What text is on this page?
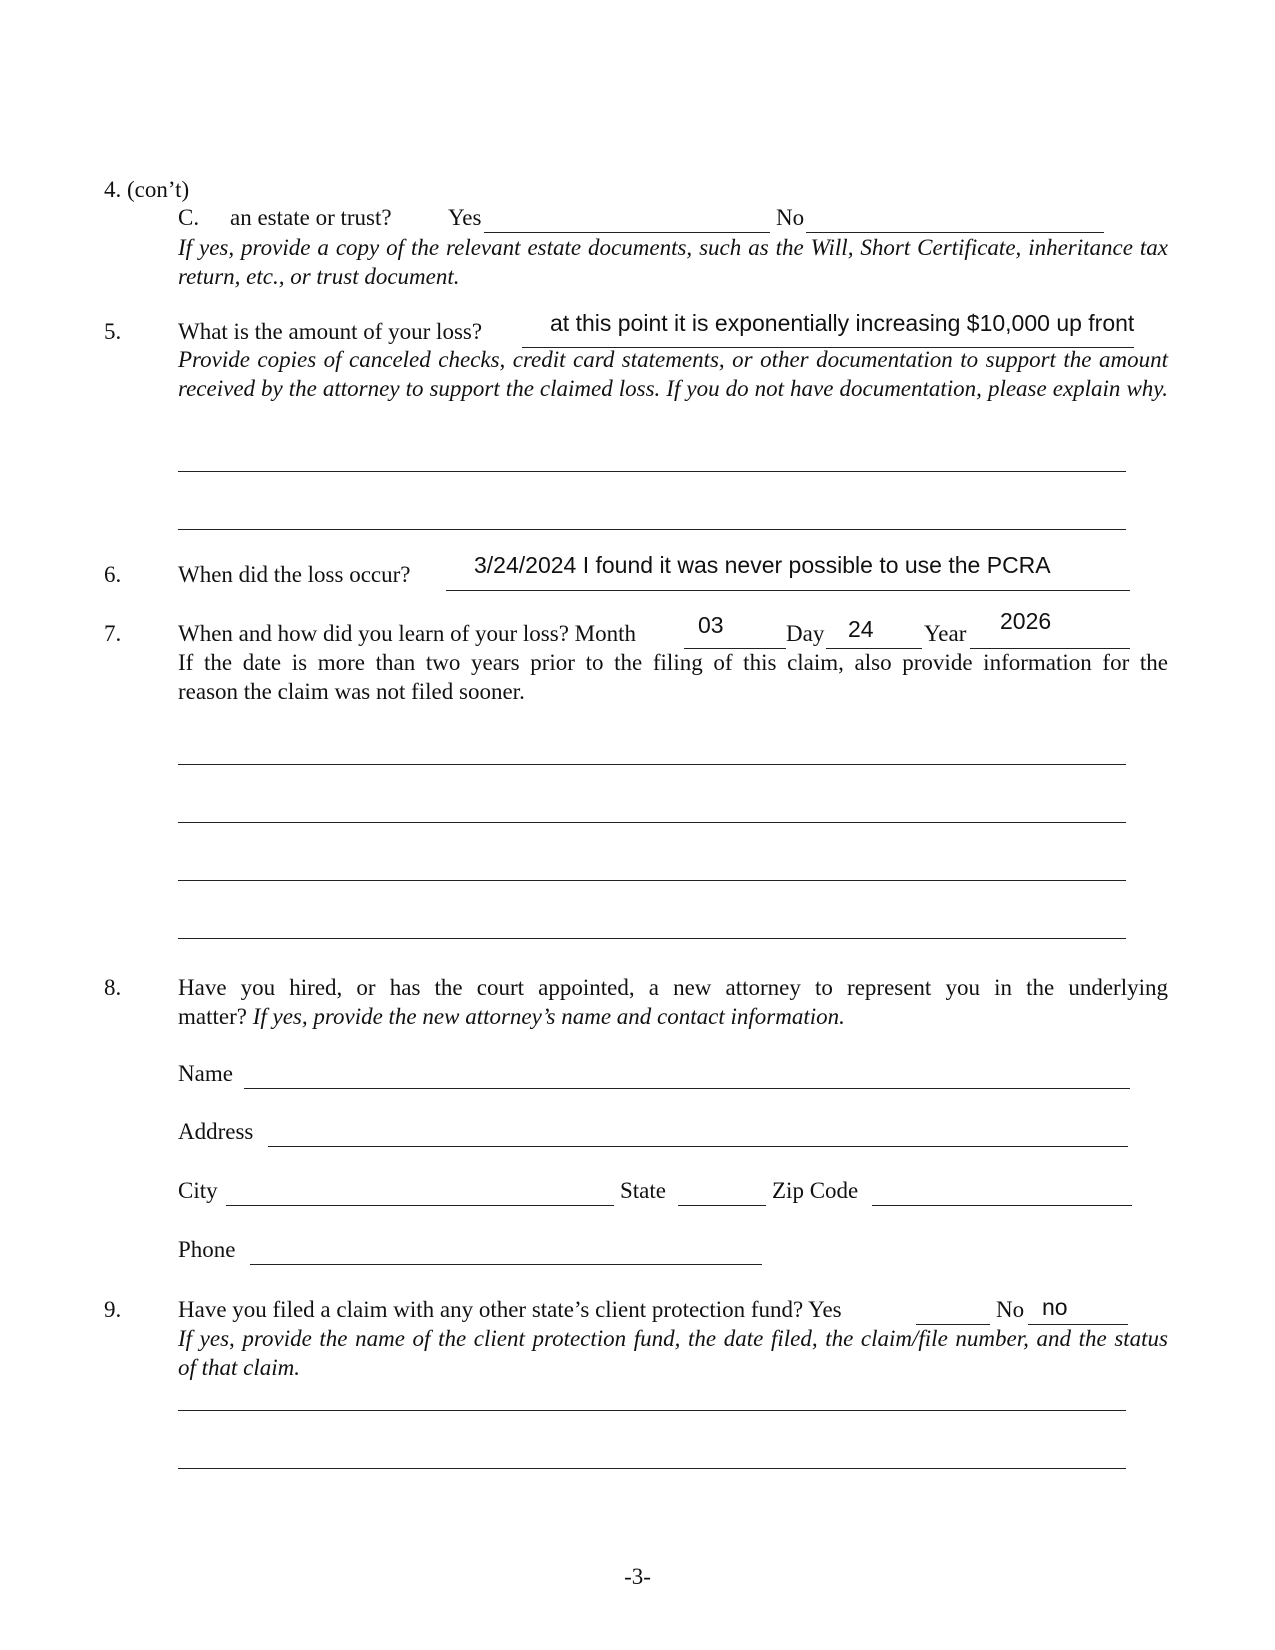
4. (con’t)
C. an estate or trust? Yes	No
If yes, provide a copy of the relevant estate documents, such as the Will, Short Certificate, inheritance tax
return, etc., or trust document.
5. What is the amount of your loss?	at this point it is exponentially increasing $10,000 up front
Provide copies of canceled checks, credit card statements, or other documentation to support the amount
received by the attorney to support the claimed loss. If you do not have documentation, please explain why.
6. When did the loss occur?	3/24/2024 I found it was never possible to use the PCRA
7. When and how did you learn of your loss? Month	03	Day 24 Year 2026
If the date is more than two years prior to the filing of this claim, also provide information for the
reason the claim was not filed sooner.
8. Have you hired, or has the court appointed, a new attorney to represent you in the underlying
matter? If yes, provide the new attorney’s name and contact information.
Name
Address
City	State	Zip Code
Phone
9. Have you filed a claim with any other state’s client protection fund? Yes	No no
If yes, provide the name of the client protection fund, the date filed, the claim/file number, and the status
of that claim.
-3-
